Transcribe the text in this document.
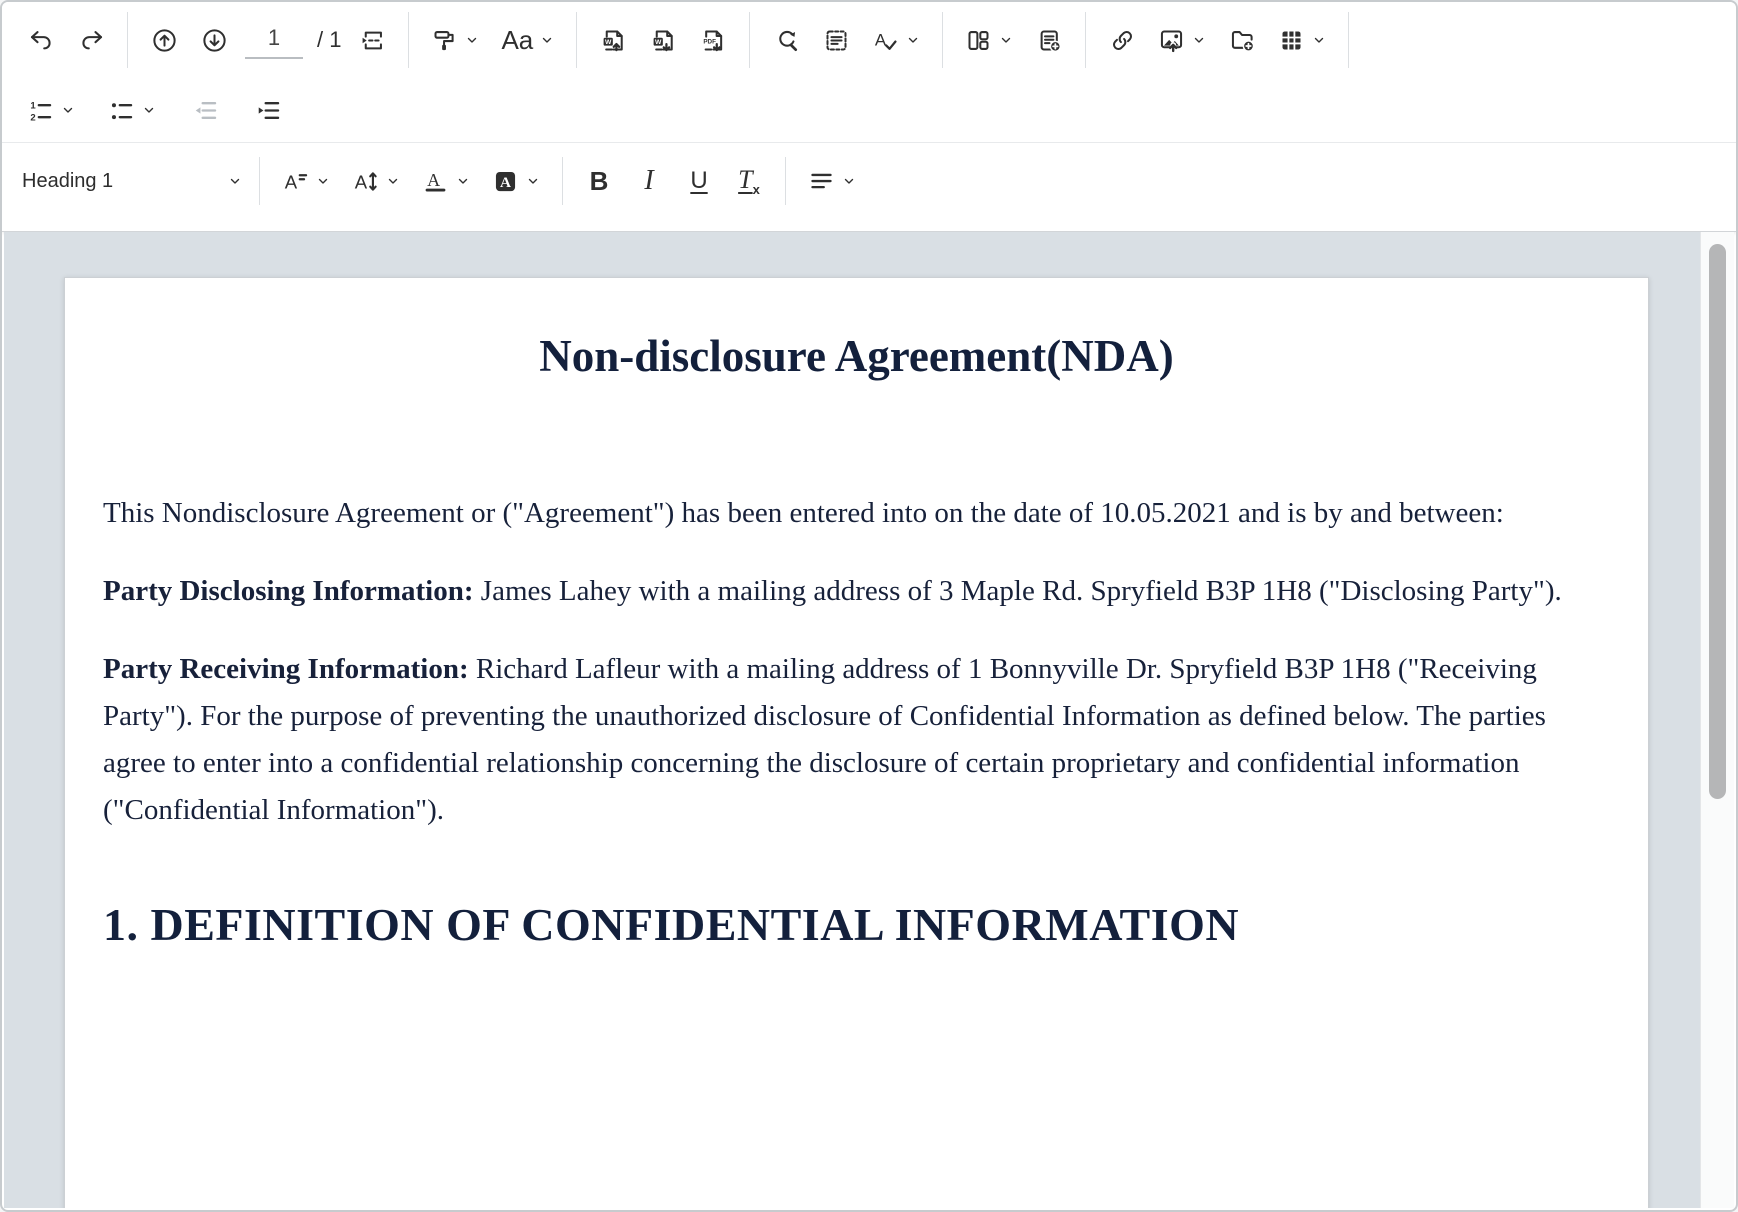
1	/ 1	Aa	W	W	PDF	A
1
2
Heading 1	A	A	A	A	B I U $T_x$
Non-disclosure Agreement(NDA)

This Nondisclosure Agreement or ("Agreement") has been entered into on the date of 10.05.2021 and is by and between:

Party Disclosing Information: James Lahey with a mailing address of 3 Maple Rd. Spryfield B3P 1H8 ("Disclosing Party").

Party Receiving Information: Richard Lafleur with a mailing address of 1 Bonnyville Dr. Spryfield B3P 1H8 ("Receiving Party"). For the purpose of preventing the unauthorized disclosure of Confidential Information as defined below. The parties agree to enter into a confidential relationship concerning the disclosure of certain proprietary and confidential information ("Confidential Information").

1. DEFINITION OF CONFIDENTIAL INFORMATION
